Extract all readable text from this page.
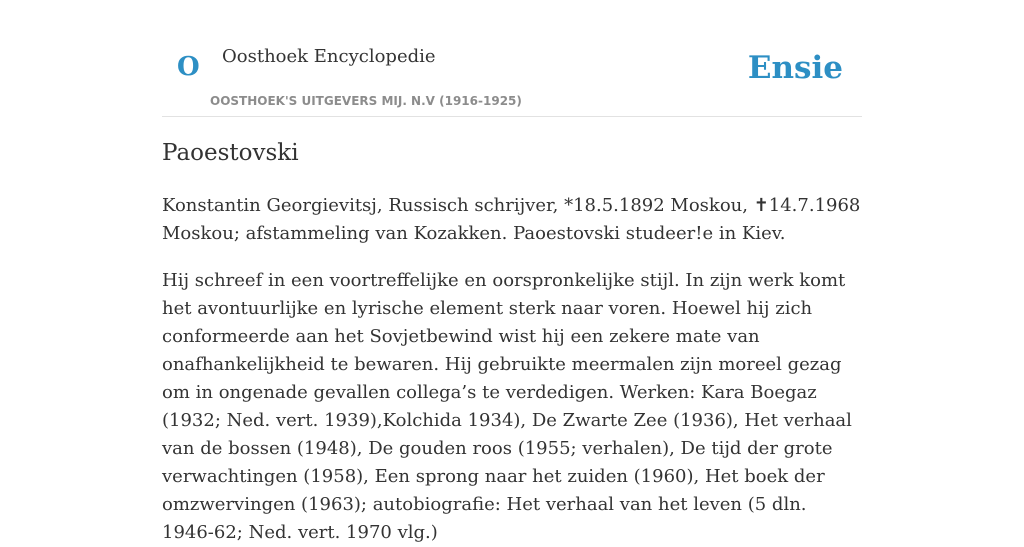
O Oosthoek Encyclopedie
OOSTHOEK'S UITGEVERS MIJ. N.V (1916-1925)
Ensie
Paoestovski

Konstantin Georgievitsj, Russisch schrijver, *18.5.1892 Moskou, ✝14.7.1968 Moskou; afstammeling van Kozakken. Paoestovski studeer!e in Kiev.

Hij schreef in een voortreffelijke en oorspronkelijke stijl. In zijn werk komt het avontuurlijke en lyrische element sterk naar voren. Hoewel hij zich conformeerde aan het Sovjetbewind wist hij een zekere mate van onafhankelijkheid te bewaren. Hij gebruikte meermalen zijn moreel gezag om in ongenade gevallen collega’s te verdedigen. Werken: Kara Boegaz (1932; Ned. vert. 1939),Kolchida 1934), De Zwarte Zee (1936), Het verhaal van de bossen (1948), De gouden roos (1955; verhalen), De tijd der grote verwachtingen (1958), Een sprong naar het zuiden (1960), Het boek der omzwervingen (1963); autobiografie: Het verhaal van het leven (5 dln. 1946-62; Ned. vert. 1970 vlg.)
